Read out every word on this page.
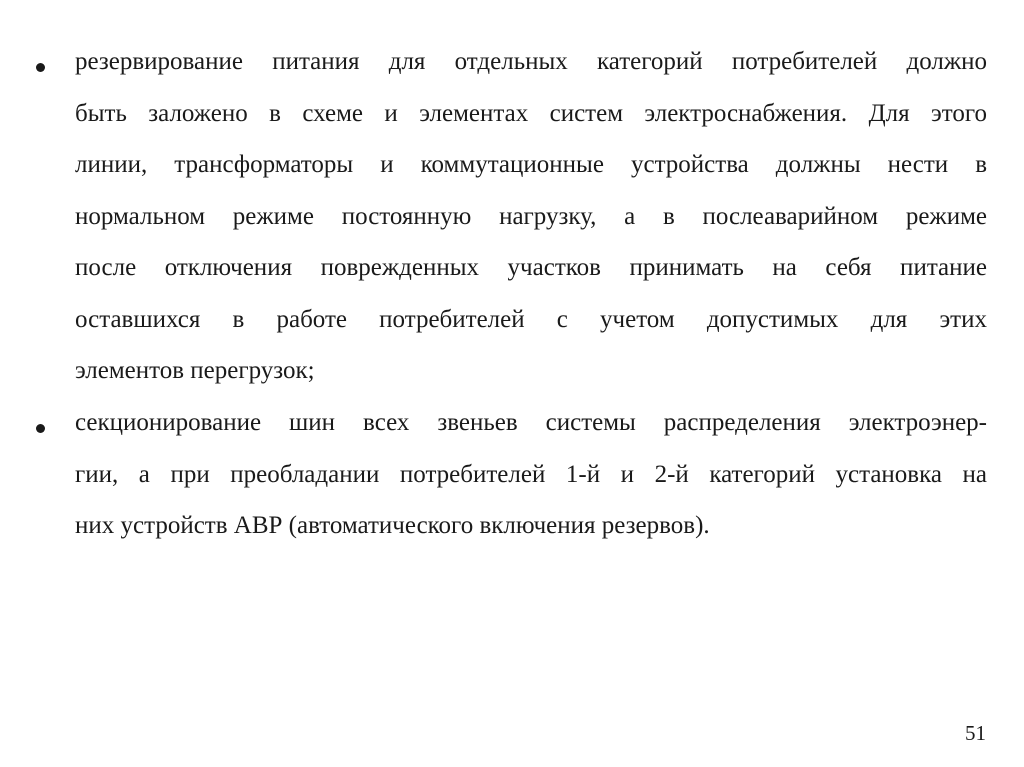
резервирование питания для отдельных категорий потребителей должно
быть заложено в схеме и элементах систем электроснабжения. Для этого
линии, трансформаторы и коммутационные устройства должны нести в
нормальном режиме постоянную нагрузку, а в послеаварийном режиме
после отключения поврежденных участков принимать на себя питание
оставшихся в работе потребителей с учетом допустимых для этих
элементов перегрузок;
секционирование шин всех звеньев системы распределения электроэнер-
гии, а при преобладании потребителей 1-й и 2-й категорий установка на
них устройств АВР (автоматического включения резервов).
51
